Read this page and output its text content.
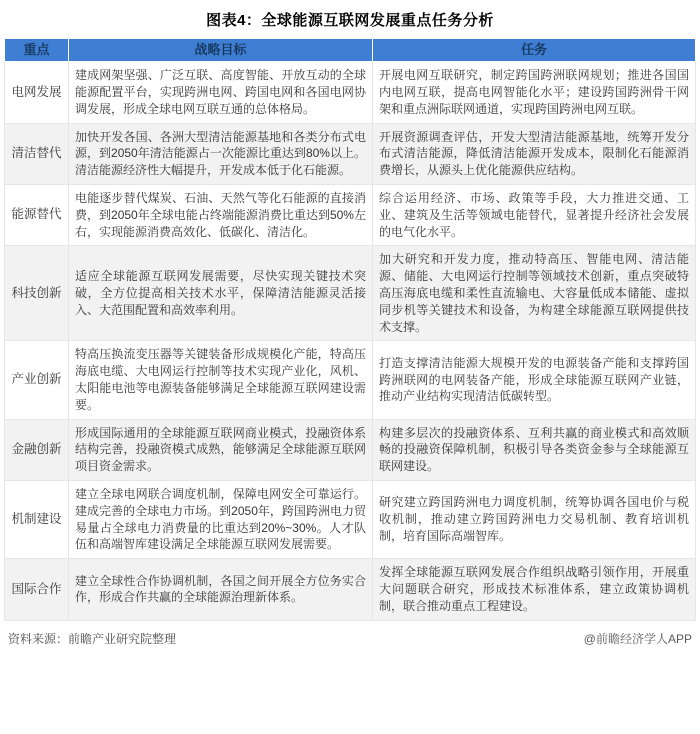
图表4：全球能源互联网发展重点任务分析
重点	战略目标	任务
电网发展	建成网架坚强、广泛互联、高度智能、开放互动的全球能源配置平台，实现跨洲电网、跨国电网和各国电网协调发展，形成全球电网互联互通的总体格局。	开展电网互联研究，制定跨国跨洲联网规划；推进各国国内电网互联，提高电网智能化水平；建设跨国跨洲骨干网架和重点洲际联网通道，实现跨国跨洲电网互联。
清洁替代	加快开发各国、各洲大型清洁能源基地和各类分布式电源，到2050年清洁能源占一次能源比重达到80%以上。清洁能源经济性大幅提升，开发成本低于化石能源。	开展资源调查评估，开发大型清洁能源基地，统筹开发分布式清洁能源，降低清洁能源开发成本，限制化石能源消费增长，从源头上优化能源供应结构。
能源替代	电能逐步替代煤炭、石油、天然气等化石能源的直接消费，到2050年全球电能占终端能源消费比重达到50%左右，实现能源消费高效化、低碳化、清洁化。	综合运用经济、市场、政策等手段，大力推进交通、工业、建筑及生活等领域电能替代，显著提升经济社会发展的电气化水平。
科技创新	适应全球能源互联网发展需要，尽快实现关键技术突破，全方位提高相关技术水平，保障清洁能源灵活接入、大范围配置和高效率利用。	加大研究和开发力度，推动特高压、智能电网、清洁能源、储能、大电网运行控制等领域技术创新，重点突破特高压海底电缆和柔性直流输电、大容量低成本储能、虚拟同步机等关键技术和设备，为构建全球能源互联网提供技术支撑。
产业创新	特高压换流变压器等关键装备形成规模化产能，特高压海底电缆、大电网运行控制等技术实现产业化，风机、太阳能电池等电源装备能够满足全球能源互联网建设需要。	打造支撑清洁能源大规模开发的电源装备产能和支撑跨国跨洲联网的电网装备产能，形成全球能源互联网产业链，推动产业结构实现清洁低碳转型。
金融创新	形成国际通用的全球能源互联网商业模式，投融资体系结构完善，投融资模式成熟，能够满足全球能源互联网项目资金需求。	构建多层次的投融资体系、互利共赢的商业模式和高效顺畅的投融资保障机制，积极引导各类资金参与全球能源互联网建设。
机制建设	建立全球电网联合调度机制，保障电网安全可靠运行。建成完善的全球电力市场。到2050年，跨国跨洲电力贸易量占全球电力消费量的比重达到20%~30%。人才队伍和高端智库建设满足全球能源互联网发展需要。	研究建立跨国跨洲电力调度机制，统筹协调各国电价与税收机制，推动建立跨国跨洲电力交易机制、教育培训机制，培育国际高端智库。
国际合作	建立全球性合作协调机制，各国之间开展全方位务实合作，形成合作共赢的全球能源治理新体系。	发挥全球能源互联网发展合作组织战略引领作用，开展重大问题联合研究，形成技术标准体系，建立政策协调机制，联合推动重点工程建设。
资料来源：前瞻产业研究院整理	@前瞻经济学人APP
